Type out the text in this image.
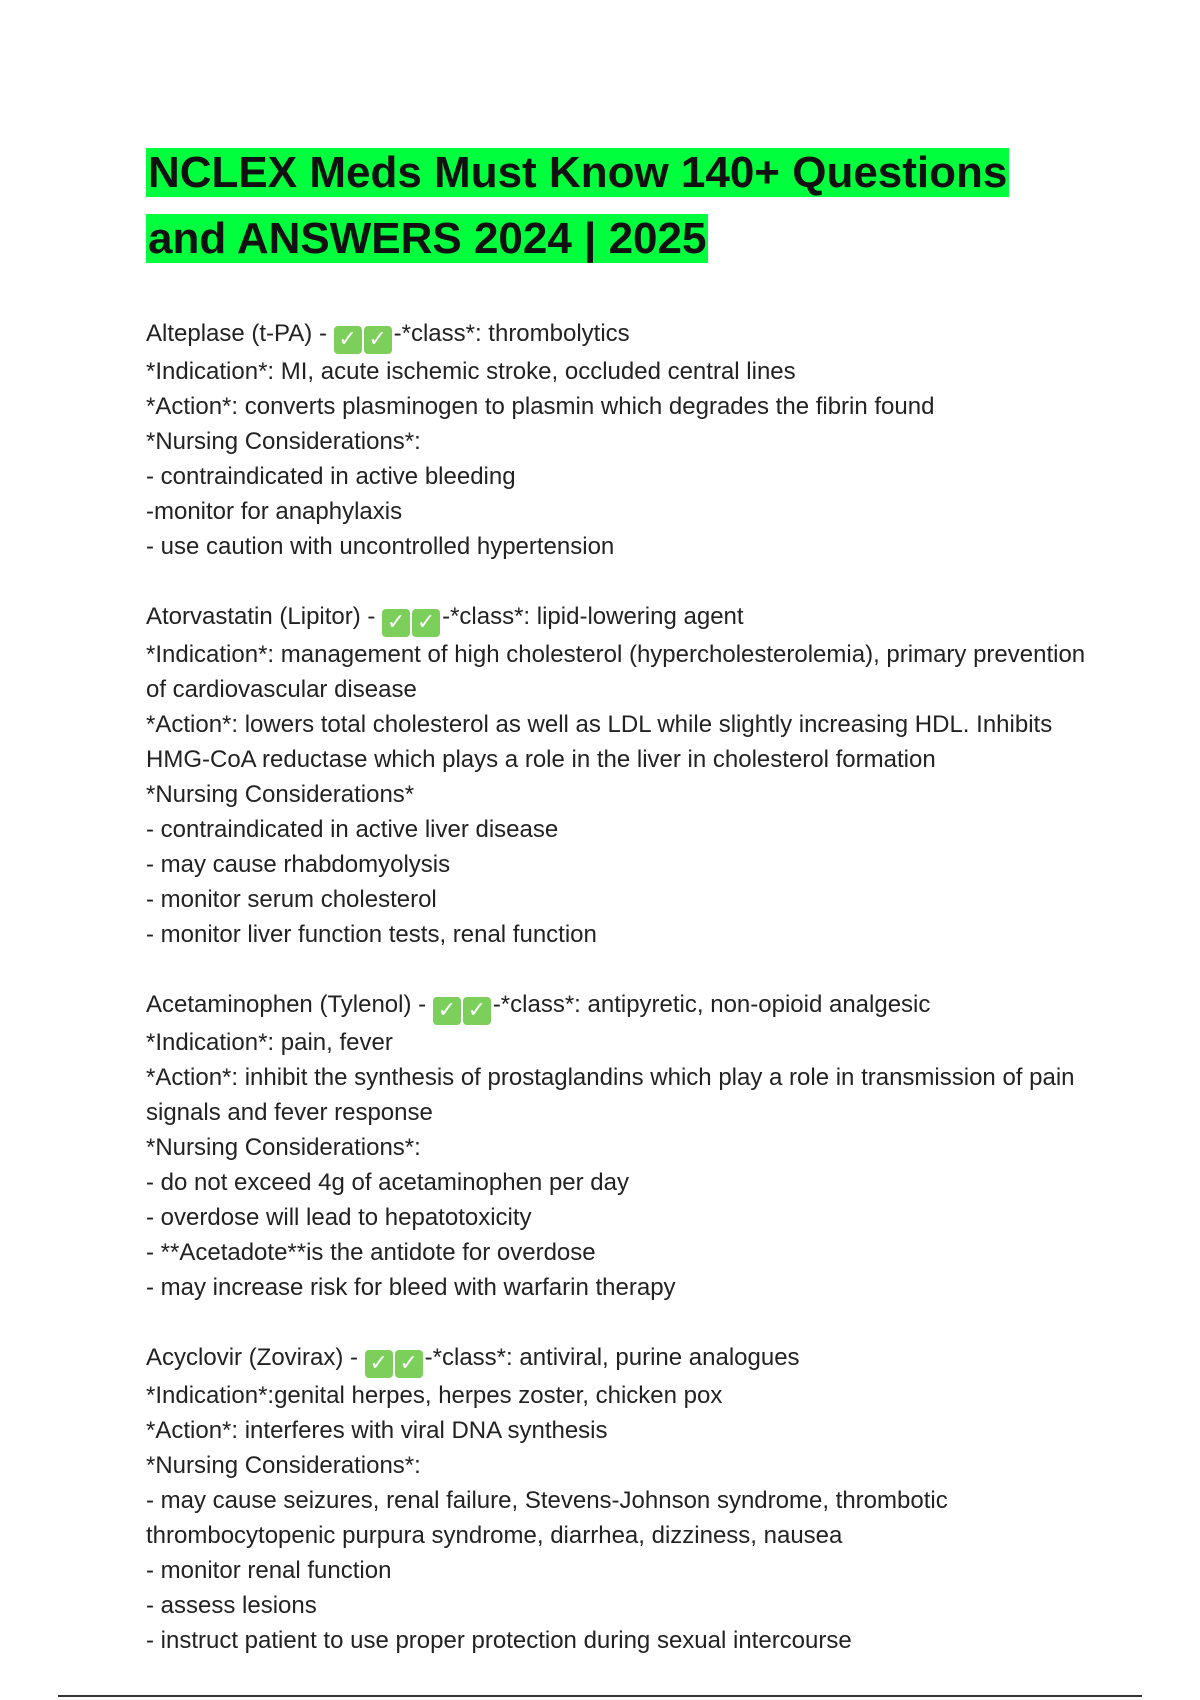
NCLEX Meds Must Know 140+ Questions and ANSWERS 2024 | 2025
Alteplase (t-PA) - ✓ ✓ -*class*: thrombolytics
*Indication*: MI, acute ischemic stroke, occluded central lines
*Action*: converts plasminogen to plasmin which degrades the fibrin found
*Nursing Considerations*:
- contraindicated in active bleeding
-monitor for anaphylaxis
- use caution with uncontrolled hypertension
Atorvastatin (Lipitor) - ✓ ✓ -*class*: lipid-lowering agent
*Indication*: management of high cholesterol (hypercholesterolemia), primary prevention of cardiovascular disease
*Action*: lowers total cholesterol as well as LDL while slightly increasing HDL. Inhibits HMG-CoA reductase which plays a role in the liver in cholesterol formation
*Nursing Considerations*
- contraindicated in active liver disease
- may cause rhabdomyolysis
- monitor serum cholesterol
- monitor liver function tests, renal function
Acetaminophen (Tylenol) - ✓ ✓ -*class*: antipyretic, non-opioid analgesic
*Indication*: pain, fever
*Action*: inhibit the synthesis of prostaglandins which play a role in transmission of pain signals and fever response
*Nursing Considerations*:
- do not exceed 4g of acetaminophen per day
- overdose will lead to hepatotoxicity
- **Acetadote**is the antidote for overdose
- may increase risk for bleed with warfarin therapy
Acyclovir (Zovirax) - ✓ ✓ -*class*: antiviral, purine analogues
*Indication*:genital herpes, herpes zoster, chicken pox
*Action*: interferes with viral DNA synthesis
*Nursing Considerations*:
- may cause seizures, renal failure, Stevens-Johnson syndrome, thrombotic thrombocytopenic purpura syndrome, diarrhea, dizziness, nausea
- monitor renal function
- assess lesions
- instruct patient to use proper protection during sexual intercourse
